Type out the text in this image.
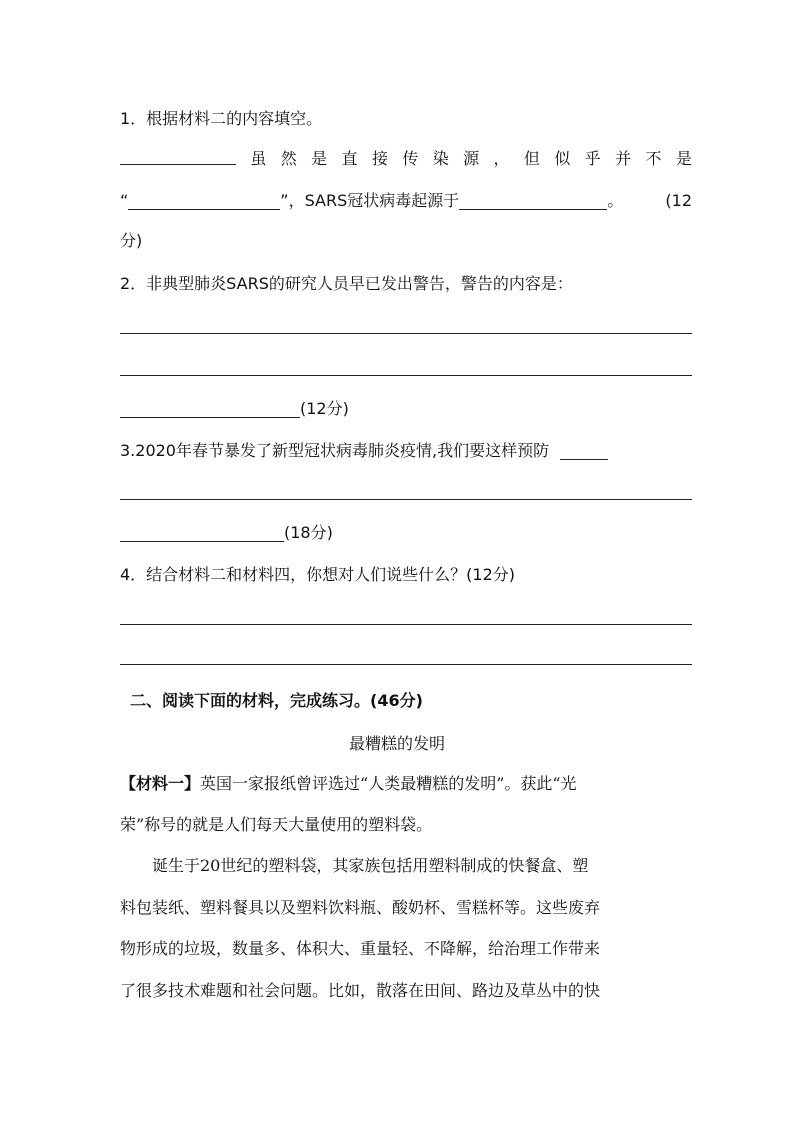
1．根据材料二的内容填空。
虽 然 是 直 接 传 染 源 ， 但 似 乎 并 不 是
“	”，SARS冠状病毒起源于	。	(12
分)
2．非典型肺炎SARS的研究人员早已发出警告，警告的内容是：
(12分)
3.2020年春节暴发了新型冠状病毒肺炎疫情,我们要这样预防
(18分)
4．结合材料二和材料四，你想对人们说些什么？(12分)
二、阅读下面的材料，完成练习。(46分)
最糟糕的发明
【材料一】英国一家报纸曾评选过“人类最糟糕的发明”。获此“光
荣”称号的就是人们每天大量使用的塑料袋。
诞生于20世纪的塑料袋，其家族包括用塑料制成的快餐盒、塑
料包装纸、塑料餐具以及塑料饮料瓶、酸奶杯、雪糕杯等。这些废弃
物形成的垃圾，数量多、体积大、重量轻、不降解，给治理工作带来
了很多技术难题和社会问题。比如，散落在田间、路边及草丛中的快
